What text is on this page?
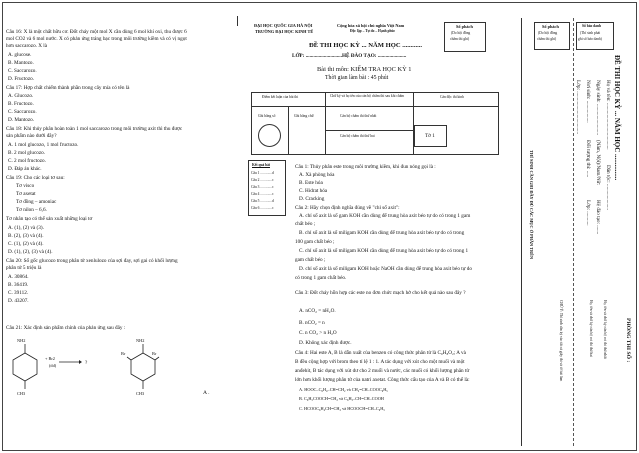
Câu 16: X là một chất hữu cơ. Đốt cháy một mol X cần dùng 6 mol khí oxi, thu được 6
mol CO2 và 6 mol nước. X có phản ứng tráng bạc trong môi trường kiềm và có vị ngọt
hơn saccarozo. X là
A. glucose.
B. Mantozo.
C. Saccarozo.
D. Fructozo.
Câu 17: Hợp chất chiếm thành phần trong cây mía có tên là
A. Glucozo.
B. Fructozo.
C. Saccarozo.
D. Mantozo.
Câu 18: Khi thủy phân hoàn toàn 1 mol saccarozo trong môi trường axit thì thu được
sản phẩm nào dưới đây?
A. 1 mol glucozo, 1 mol fructozo.
B. 2 mol glucozo.
C. 2 mol fructozo.
D. Đáp án khác.
Câu 19: Cho các loại tơ sau:
Tơ visco
Tơ axetat
Tơ đồng – amoniac
Tơ nilon – 6,6.
Tơ nhân tạo có thể sản xuất những loại tơ
A. (1), (2) và (3).
B. (2), (3) và (4).
C. (1), (2) và (4).
D. (1), (2), (3) và (4).
Câu 20: Số gốc glucozo trong phân tử xenlulozo của sợi đay, sợi gai có khối lượng
phân tử 5 triệu là
A. 30864.
B. 36419.
C. 39112.
D. 43207.
Câu 21: Xác định sản phẩm chính của phản ứng sau đây :
NH2
CH3
+ Br2
(dd) → ?
NH2
Br	Br
CH3	A .
ĐẠI HỌC QUỐC GIA HÀ NỘI
TRƯỜNG ĐẠI HỌC KINH TẾ
Cộng hòa xã hội chủ nghĩa Việt Nam
Độc lập – Tự do – Hạnh phúc
Số phách
(Do hội đồng
chấm thi ghi)
ĐỀ THI HỌC KỲ ... NĂM HỌC ............
LỚP: ............................HỆ ĐÀO TẠO: ......................
Bài thi môn: KIỂM TRA HỌC KỲ 1
Thời gian làm bài : 45 phút
Điểm kết luận của bài thi	Chữ ký và họ tên của cán bộ chấm thi sau khi chấm	Cán độc thi kinh
Ghi bằng số	Ghi bằng chữ	Cán bộ chấm thi thứ nhất
Cán bộ chấm thi thứ hai	Tờ 1
Kết quả bài
Câu 1 .............d
Câu 2 .............c
Câu 3 .............c
Câu 4 .............c
Câu 5 .............d
Câu 6 .............c
Câu 1: Thủy phân este trong môi trường kiềm, khi đun nóng gọi là :
A. Xà phòng hóa
B. Este hóa
C. Hidrat hóa
D. Cracking
Câu 2: Hãy chọn định nghĩa đúng về "chỉ số axit":
A. chỉ số axit là số gam KOH cần dùng để trung hòa axit béo tự do có trong 1 gam
chất béo ;
B. chỉ số axit là số miligam KOH cần dùng để trung hòa axit béo tự do có trong
100 gam chất béo ;
C. chỉ số axit là số miligam KOH cần dùng để trung hòa axit béo tự do có trong 1
gam chất béo ;
D. chỉ số axit là số miligam KOH hoặc NaOH cần dùng để trung hòa axit béo tự do
có trong 1 gam chất béo.
Câu 3: Đốt cháy hỗn hợp các este no đơn chức mạch hở cho kết quả nào sau đây ?
A. nCO₂ = nH₂O.
B. nCO₂ = n
C. n CO₂ > n H₂O
D. Không xác định được.
Câu 4: Hai este A, B là dẫn xuất của benzen có công thức phân tử là C₉H₈O₂; A và
B đều cộng hợp với brom theo tỉ lệ 1 : 1. A tác dụng với xút cho một muối và một
anđehit, B tác dụng với xút dư cho 2 muối và nước, các muối có khối lượng phân tử
lớn hơn khối lượng phân tử của natri axetat. Công thức cấu tạo của A và B có thể là:
A. HOOC–C₆H₄–CH=CH₂ và CH₂=CH–COOC₆H₅
B. C₆H₅COOCH=CH₂ và C₆H₅–CH=CH–COOH
C. HCOOC₆H₄CH=CH₂ và HCOOCH=CH–C₆H₅
Số phách
(Do hội đồng
chấm thi ghi)
Số báo danh
(Thí sinh phải
ghi số báo danh)
ĐỀ THI HỌC KỲ ... NĂM HỌC ...............
Họ và tên: ....................................
Dân tộc: ....................
Ngày sinh: ........................
(Năm, Nội)/Nam/Nữ:
Hệ đào tạo: .......
Nơi sinh: .................
Đối tượng thi: .....
Lớp: ...........
Lớp: .................................
THÍ SINH CẦN GHI ĐẦY ĐỦ CÁC MỤC Ở PHẦN TRÊN
CHÚ Ý: Thí sinh cần ký vào tất cả giấy thi và tờ bài làm	PHÒNG THI SỐ :
Họ, tên và chữ ký cán bộ coi thi thứ nhất
Họ, tên và chữ ký cán bộ coi thi thứ hai
